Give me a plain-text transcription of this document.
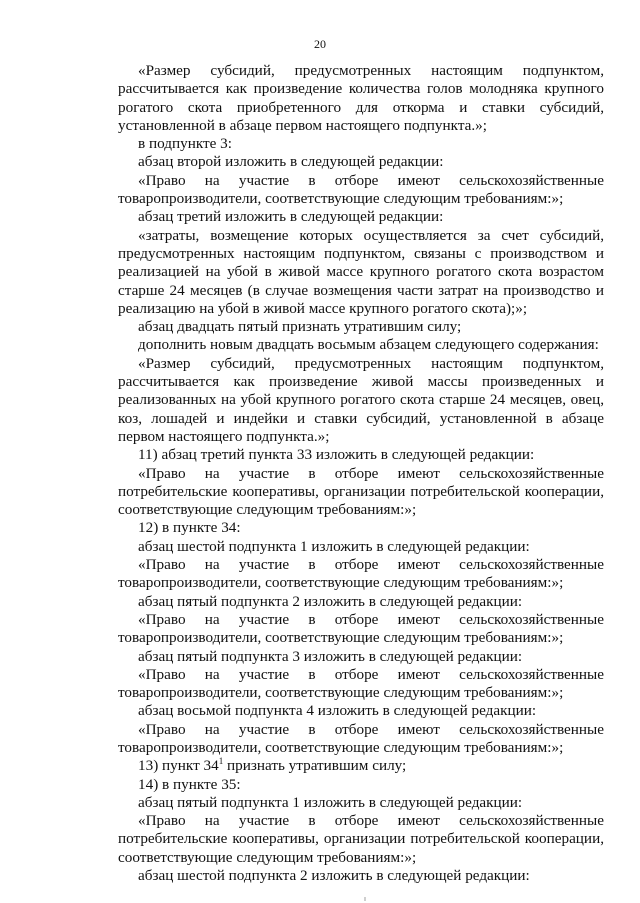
20

«Размер субсидий, предусмотренных настоящим подпунктом, рассчитывается как произведение количества голов молодняка крупного рогатого скота приобретенного для откорма и ставки субсидий, установленной в абзаце первом настоящего подпункта.»;

в подпункте 3:

абзац второй изложить в следующей редакции:

«Право на участие в отборе имеют сельскохозяйственные товаропроизводители, соответствующие следующим требованиям:»;

абзац третий изложить в следующей редакции:

«затраты, возмещение которых осуществляется за счет субсидий, предусмотренных настоящим подпунктом, связаны с производством и реализацией на убой в живой массе крупного рогатого скота возрастом старше 24 месяцев (в случае возмещения части затрат на производство и реализацию на убой в живой массе крупного рогатого скота);»;

абзац двадцать пятый признать утратившим силу;

дополнить новым двадцать восьмым абзацем следующего содержания:

«Размер субсидий, предусмотренных настоящим подпунктом, рассчитывается как произведение живой массы произведенных и реализованных на убой крупного рогатого скота старше 24 месяцев, овец, коз, лошадей и индейки и ставки субсидий, установленной в абзаце первом настоящего подпункта.»;

11) абзац третий пункта 33 изложить в следующей редакции:

«Право на участие в отборе имеют сельскохозяйственные потребительские кооперативы, организации потребительской кооперации, соответствующие следующим требованиям:»;

12) в пункте 34:

абзац шестой подпункта 1 изложить в следующей редакции:

«Право на участие в отборе имеют сельскохозяйственные товаропроизводители, соответствующие следующим требованиям:»;

абзац пятый подпункта 2 изложить в следующей редакции:

«Право на участие в отборе имеют сельскохозяйственные товаропроизводители, соответствующие следующим требованиям:»;

абзац пятый подпункта 3 изложить в следующей редакции:

«Право на участие в отборе имеют сельскохозяйственные товаропроизводители, соответствующие следующим требованиям:»;

абзац восьмой подпункта 4 изложить в следующей редакции:

«Право на участие в отборе имеют сельскохозяйственные товаропроизводители, соответствующие следующим требованиям:»;

13) пункт $34^1$ признать утратившим силу;

14) в пункте 35:

абзац пятый подпункта 1 изложить в следующей редакции:

«Право на участие в отборе имеют сельскохозяйственные потребительские кооперативы, организации потребительской кооперации, соответствующие следующим требованиям:»;

абзац шестой подпункта 2 изложить в следующей редакции:
